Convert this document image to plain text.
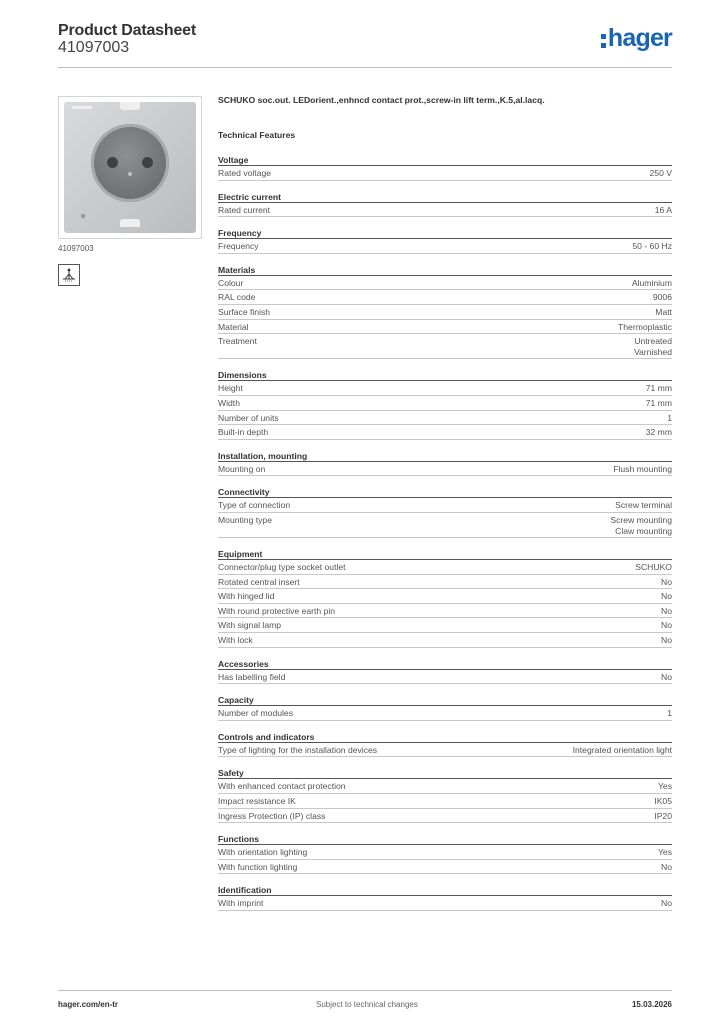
Product Datasheet
41097003	hager
41097003
SCHUKO soc.out. LEDorient.,enhncd contact prot.,screw-in lift term.,K.5,al.lacq.
Technical Features
Voltage
Rated voltage	250 V
Electric current
Rated current	16 A
Frequency
Frequency	50 - 60 Hz
Materials
Colour	Aluminium
RAL code	9006
Surface finish	Matt
Material	Thermoplastic
Treatment	Untreated
Varnished
Dimensions
Height	71 mm
Width	71 mm
Number of units	1
Built-in depth	32 mm
Installation, mounting
Mounting on	Flush mounting
Connectivity
Type of connection	Screw terminal
Mounting type	Screw mounting
Claw mounting
Equipment
Connector/plug type socket outlet	SCHUKO
Rotated central insert	No
With hinged lid	No
With round protective earth pin	No
With signal lamp	No
With lock	No
Accessories
Has labelling field	No
Capacity
Number of modules	1
Controls and indicators
Type of lighting for the installation devices	Integrated orientation light
Safety
With enhanced contact protection	Yes
Impact resistance IK	IK05
Ingress Protection (IP) class	IP20
Functions
With orientation lighting	Yes
With function lighting	No
Identification
With imprint	No
hager.com/en-tr	Subject to technical changes	15.03.2026
